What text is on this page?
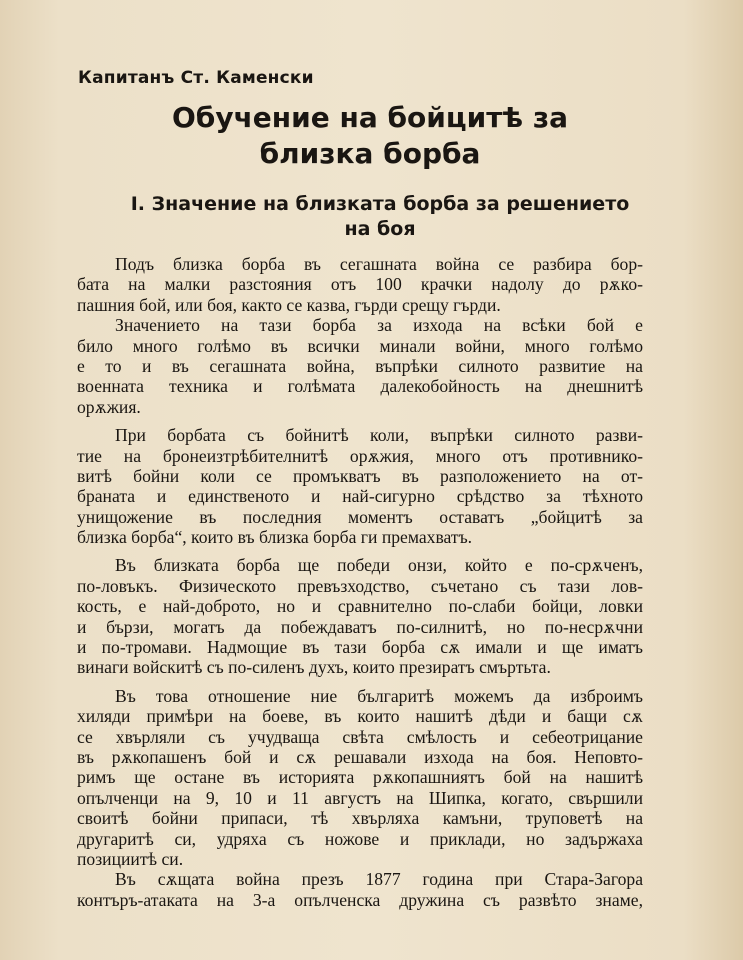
Капитанъ Ст. Каменски
Обучение на бойцитѣ за
близка борба
I. Значение на близката борба за решението
на боя
Подъ близка борба въ сегашната война се разбира бор-
бата на малки разстояния отъ 100 крачки надолу до рѫко-
пашния бой, или боя, както се казва, гърди срещу гърди.
Значението на тази борба за изхода на всѣки бой е
било много голѣмо въ всички минали войни, много голѣмо
е то и въ сегашната война, въпрѣки силното развитие на
военната техника и голѣмата далекобойность на днешнитѣ
орѫжия.
При борбата съ бойнитѣ коли, въпрѣки силното разви-
тие на бронеизтрѣбителнитѣ орѫжия, много отъ противнико-
витѣ бойни коли се промъкватъ въ разположението на от-
браната и единственото и най-сигурно срѣдство за тѣхното
унищожение въ последния моментъ оставатъ „бойцитѣ за
близка борба“, които въ близка борба ги премахватъ.
Въ близката борба ще победи онзи, който е по-срѫченъ,
по-ловъкъ. Физическото превъзходство, съчетано съ тази лов-
кость, е най-доброто, но и сравнително по-слаби бойци, ловки
и бързи, могатъ да побеждаватъ по-силнитѣ, но по-несрѫчни
и по-тромави. Надмощие въ тази борба сѫ имали и ще иматъ
винаги войскитѣ съ по-силенъ духъ, които презиратъ смъртьта.
Въ това отношение ние българитѣ можемъ да изброимъ
хиляди примѣри на боеве, въ които нашитѣ дѣди и бащи сѫ
се хвърляли съ учудваща свѣта смѣлость и себеотрицание
въ рѫкопашенъ бой и сѫ решавали изхода на боя. Неповто-
римъ ще остане въ историята рѫкопашниятъ бой на нашитѣ
опълченци на 9, 10 и 11 августъ на Шипка, когато, свършили
своитѣ бойни припаси, тѣ хвърляха камъни, труповетѣ на
другаритѣ си, удряха съ ножове и приклади, но задържаха
позициитѣ си.
Въ сѫщата война презъ 1877 година при Стара-Загора
контъръ-атаката на 3-а опълченска дружина съ развѣто знаме,
